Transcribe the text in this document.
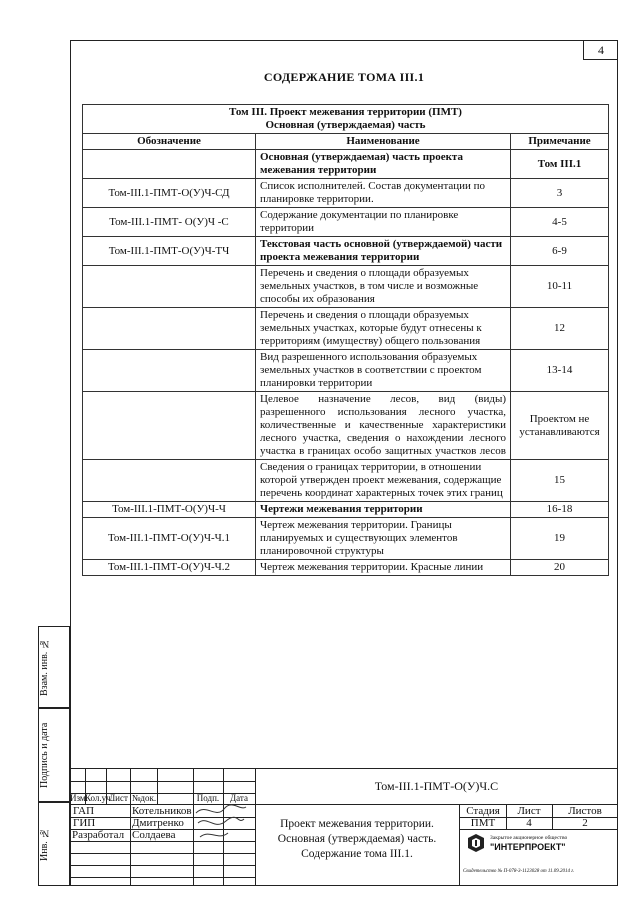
4
СОДЕРЖАНИЕ ТОМА III.1
Том III. Проект межевания территории (ПМТ)
Основная (утверждаемая) часть		

Обозначение	Наименование	Примечание
	Основная (утверждаемая) часть проекта межевания территории	Том III.1
Том-III.1-ПМТ-О(У)Ч-СД	Список исполнителей. Состав документации по планировке территории.	3
Том-III.1-ПМТ- О(У)Ч -С	Содержание документации по планировке территории	4-5
Том-III.1-ПМТ-О(У)Ч-ТЧ	Текстовая часть основной (утверждаемой) части проекта межевания территории	6-9
	Перечень и сведения о площади образуемых земельных участков, в том числе и возможные способы их образования	10-11
	Перечень и сведения о площади образуемых земельных участках, которые будут отнесены к территориям (имуществу) общего пользования	12
	Вид разрешенного использования образуемых земельных участков в соответствии с проектом планировки территории	13-14
	Целевое назначение лесов, вид (виды) разрешенного использования лесного участка, количественные и качественные характеристики лесного участка, сведения о нахождении лесного участка в границах особо защитных участков лесов	Проектом не устанавливаются
	Сведения о границах территории, в отношении которой утвержден проект межевания, содержащие перечень координат характерных точек этих границ	15
Том-III.1-ПМТ-О(У)Ч-Ч	Чертежи межевания территории	16-18
Том-III.1-ПМТ-О(У)Ч-Ч.1	Чертеж межевания территории. Границы планируемых и существующих элементов планировочной структуры	19
Том-III.1-ПМТ-О(У)Ч-Ч.2	Чертеж межевания территории. Красные линии	20
Взам. инв. №
Подпись и дата
Инв. №
Изм.
Кол.уч.
Лист №док.	Подп.	Дата
Том-III.1-ПМТ-О(У)Ч.С
ГАП	Котельников
ГИП	Дмитренко
Разработал Солдаева
Проект межевания территории.
Основная (утверждаемая) часть.
Содержание тома III.1.
Стадия	Лист	Листов
ПМТ	4	2
Закрытое акционерное общество
"ИНТЕРПРОЕКТ"
Свидетельство № П-078-3-1123028 от 11.09.2014 г.
